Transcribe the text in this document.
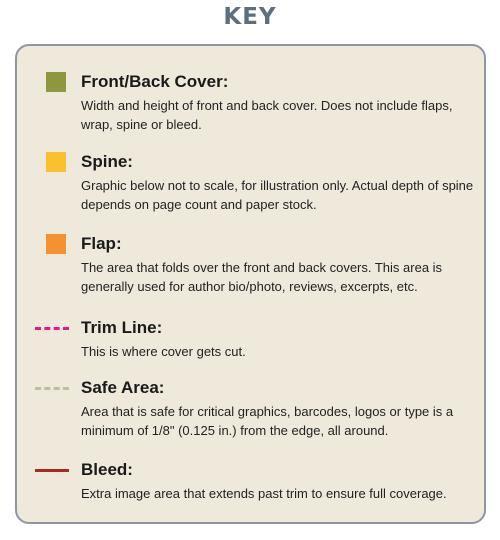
KEY
Front/Back Cover:
Width and height of front and back cover. Does not include flaps, wrap, spine or bleed.
Spine:
Graphic below not to scale, for illustration only. Actual depth of spine depends on page count and paper stock.
Flap:
The area that folds over the front and back covers. This area is generally used for author bio/photo, reviews, excerpts, etc.
Trim Line:
This is where cover gets cut.
Safe Area:
Area that is safe for critical graphics, barcodes, logos or type is a minimum of 1/8" (0.125 in.) from the edge, all around.
Bleed:
Extra image area that extends past trim to ensure full coverage.
